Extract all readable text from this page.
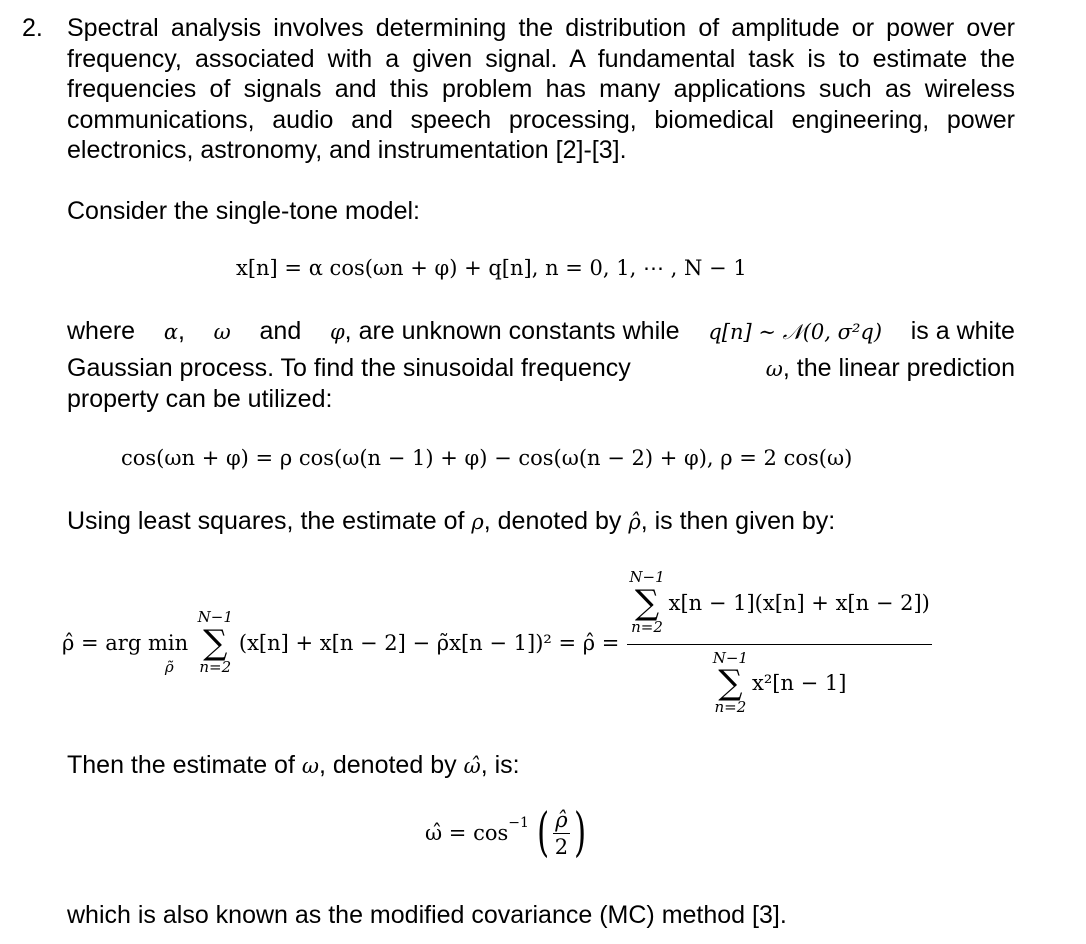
2. Spectral analysis involves determining the distribution of amplitude or power over
frequency, associated with a given signal. A fundamental task is to estimate the
frequencies of signals and this problem has many applications such as wireless
communications, audio and speech processing, biomedical engineering, power
electronics, astronomy, and instrumentation [2]-[3].
Consider the single-tone model:
x[n] = α cos(ωn + φ) + q[n], n = 0, 1, ⋯ , N − 1
where α, ω and φ, are unknown constants while q[n] ∼ 𝒩(0, σ²q) is a white
Gaussian process. To find the sinusoidal frequency	ω, the linear prediction
property can be utilized:
cos(ωn + φ) = ρ cos(ω(n − 1) + φ) − cos(ω(n − 2) + φ), ρ = 2 cos(ω)
Using least squares, the estimate of ρ, denoted by ρ̂, is then given by:
ρ̂ = arg min $_{\rhõ}$
N−1
∑
n=2
(x[n] + x[n − 2] − ρ̃x[n − 1])² = ρ̂ =
N−1
∑
n=2
x[n − 1](x[n] + x[n − 2])
N−1
∑
n=2
x²[n − 1]
Then the estimate of ω, denoted by ω̂, is:
ω̂ = $\cos^{-1}$ ( $\frac{\rhô}{2}$ )
which is also known as the modified covariance (MC) method [3].
